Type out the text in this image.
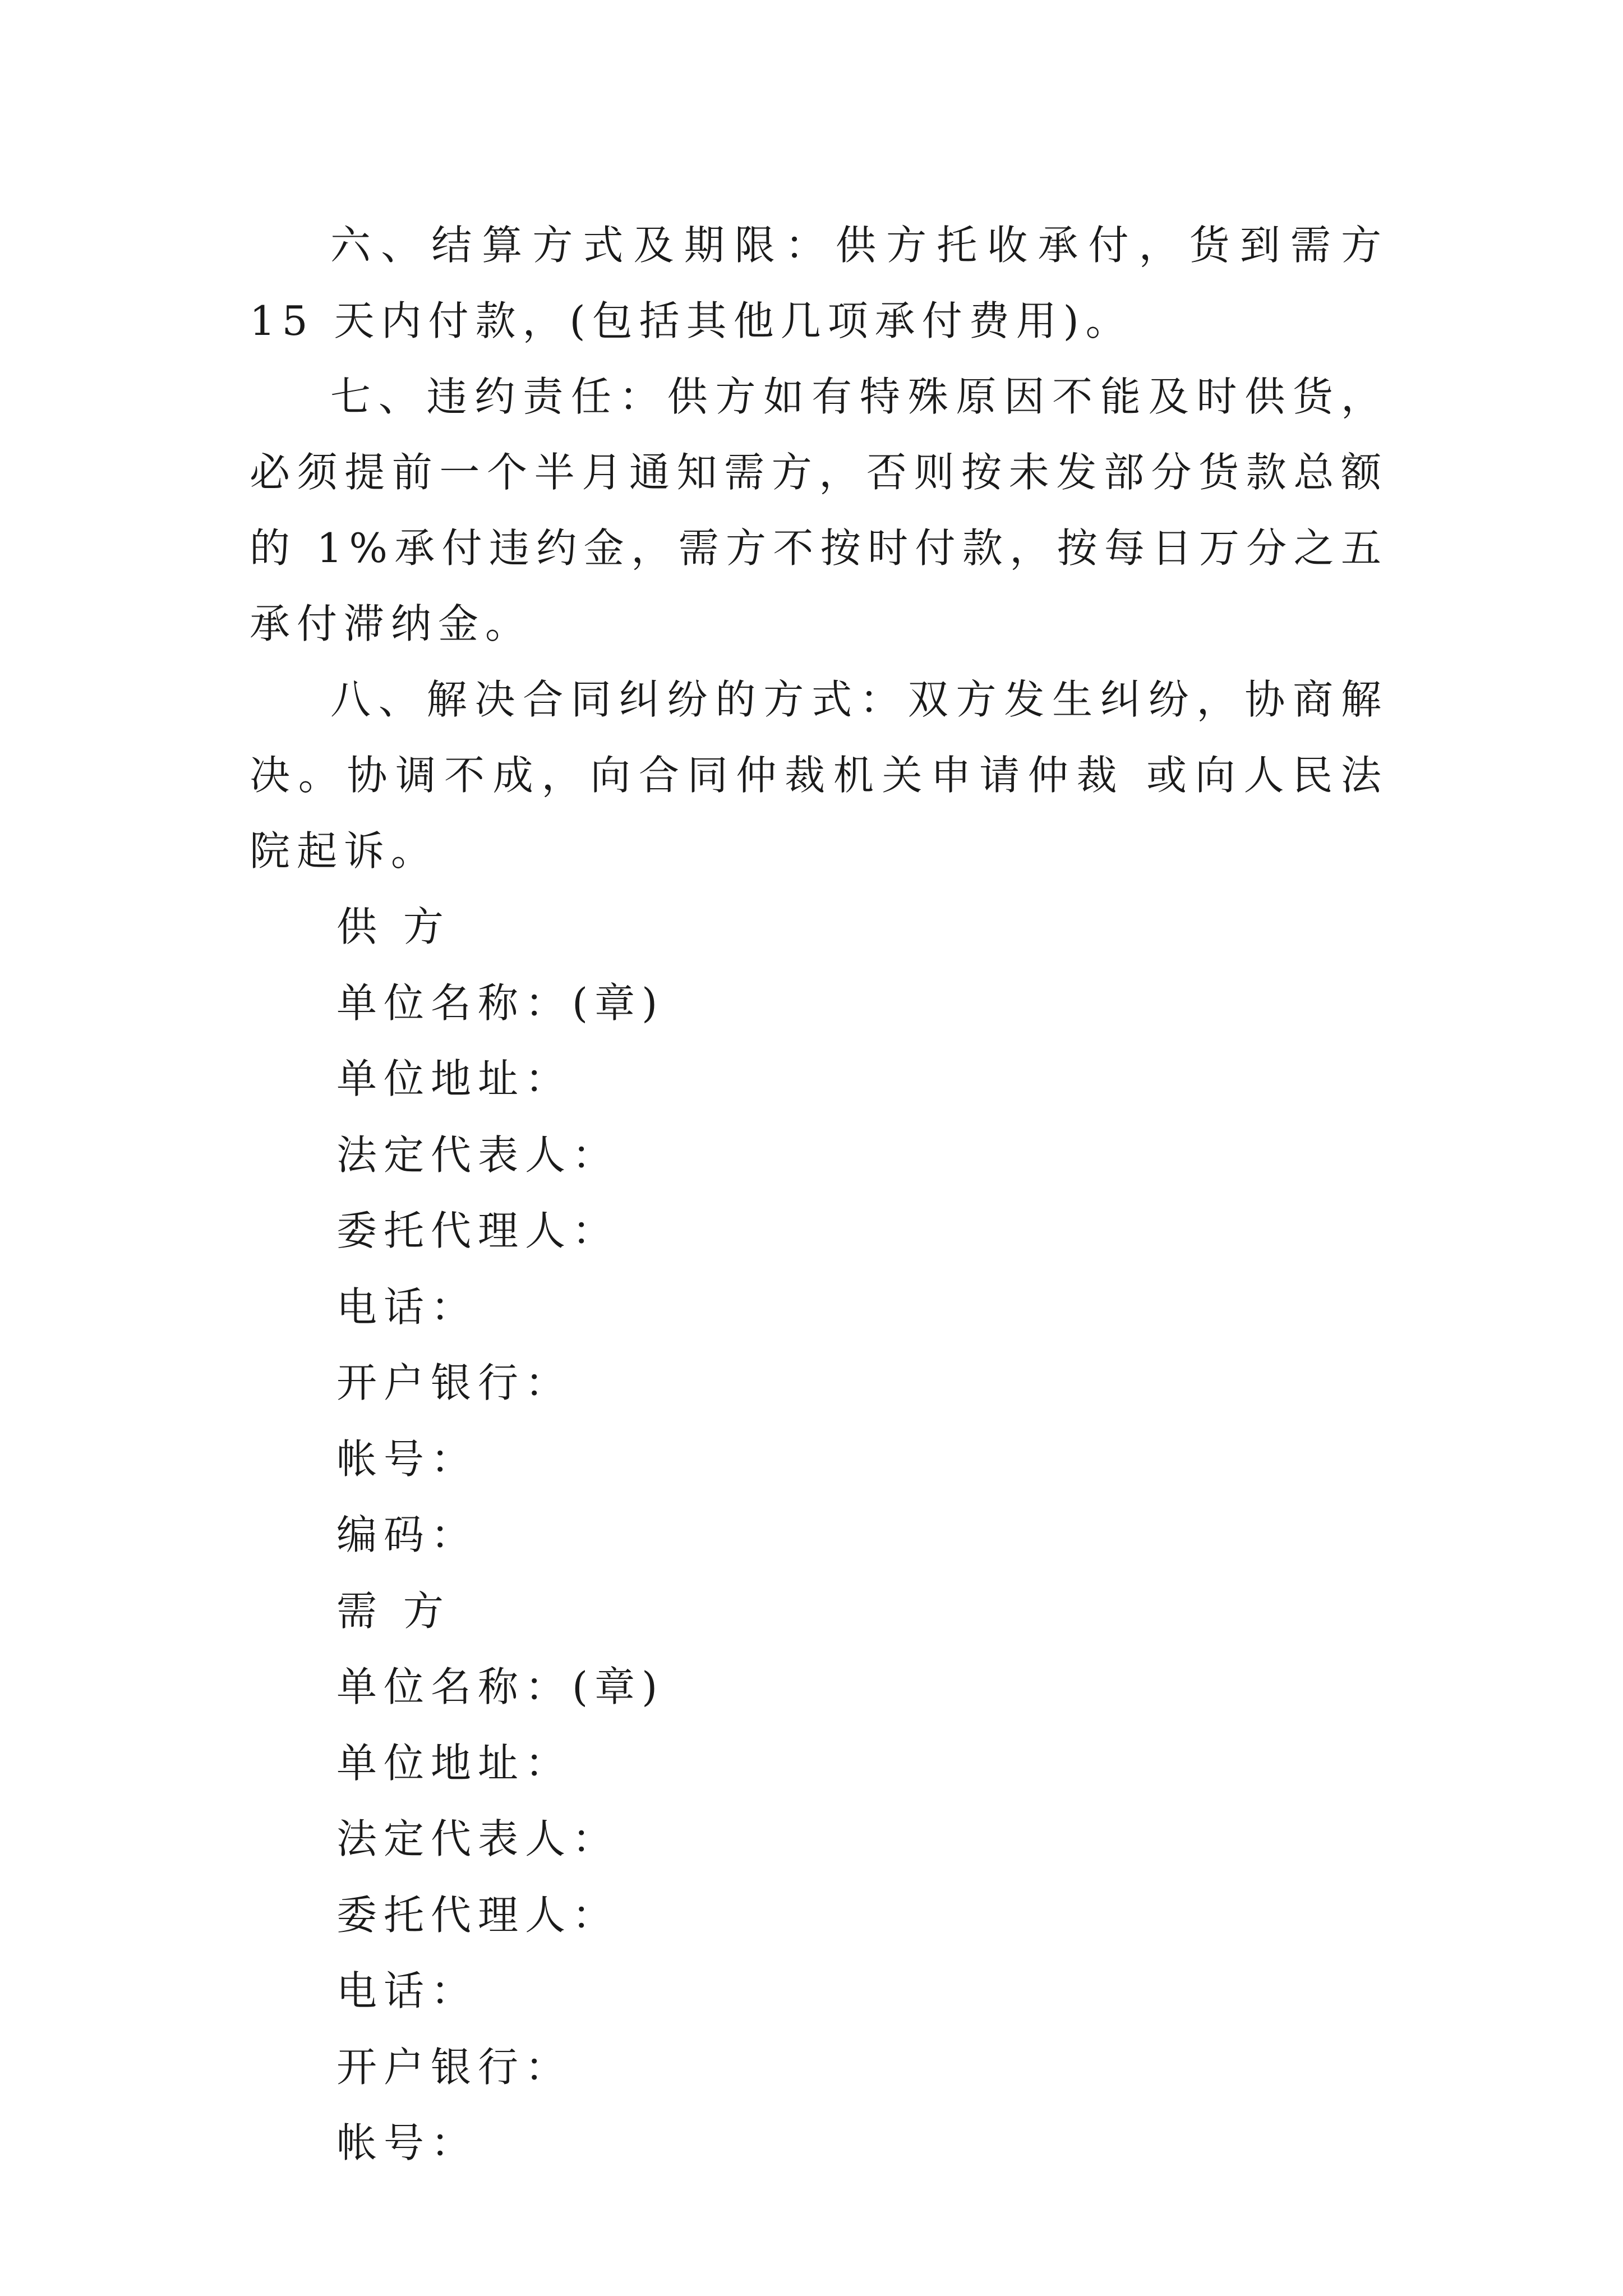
六、结算方式及期限：供方托收承付，货到需方 15 天内付款，(包括其他几项承付费用)。

七、违约责任：供方如有特殊原因不能及时供货，必须提前一个半月通知需方，否则按未发部分货款总额的 1%承付违约金，需方不按时付款，按每日万分之五承付滞纳金。

八、解决合同纠纷的方式：双方发生纠纷，协商解决。协调不成，向合同仲裁机关申请仲裁 或向人民法院起诉。

供 方

单位名称：(章)

单位地址：

法定代表人：

委托代理人：

电话：

开户银行：

帐号：

编码：

需 方

单位名称：(章)

单位地址：

法定代表人：

委托代理人：

电话：

开户银行：

帐号：
